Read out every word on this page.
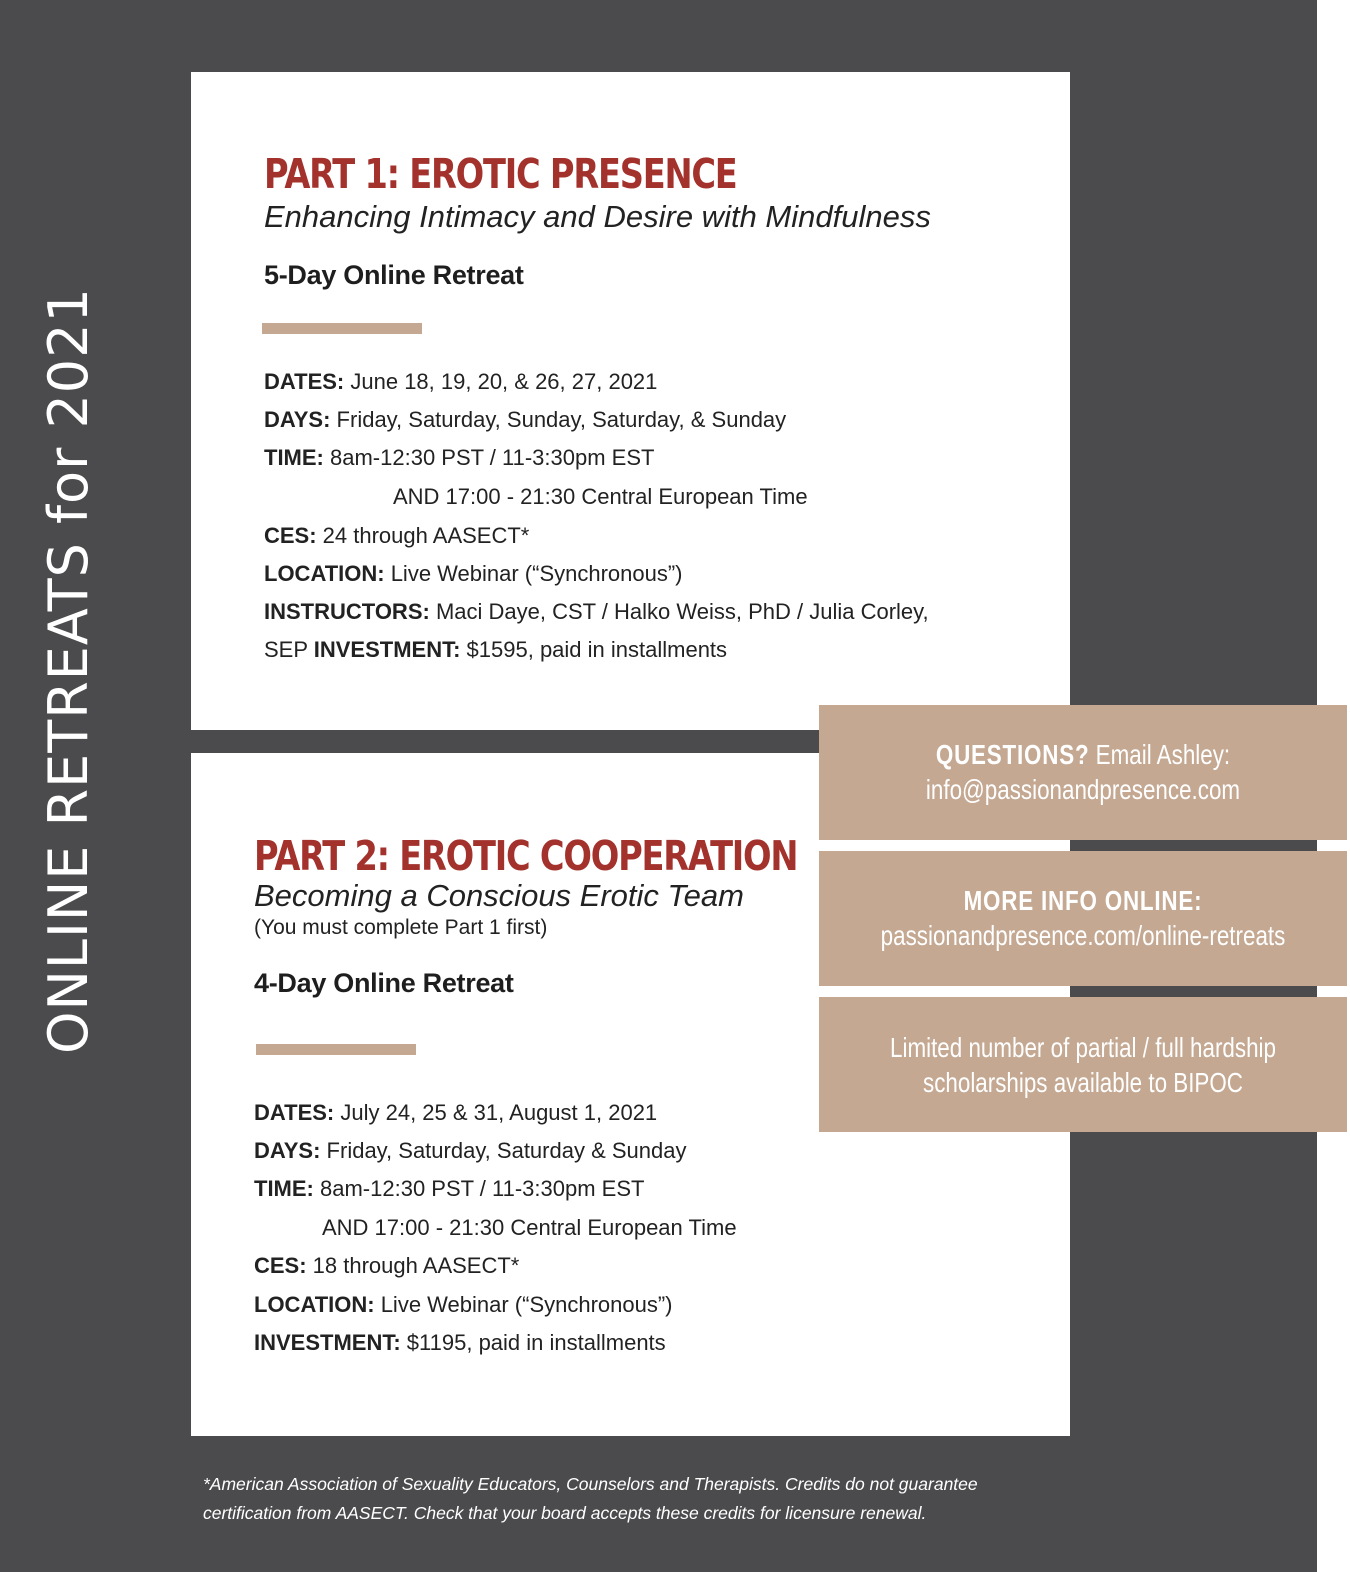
ONLINE RETREATS for 2021
PART 1: EROTIC PRESENCE
Enhancing Intimacy and Desire with Mindfulness
5-Day Online Retreat
DATES: June 18, 19, 20, & 26, 27, 2021
DAYS: Friday, Saturday, Sunday, Saturday, & Sunday
TIME: 8am-12:30 PST / 11-3:30pm EST
AND 17:00 - 21:30 Central European Time
CES: 24 through AASECT*
LOCATION: Live Webinar (“Synchronous”)
INSTRUCTORS: Maci Daye, CST / Halko Weiss, PhD / Julia Corley,
SEP INVESTMENT: $1595, paid in installments
PART 2: EROTIC COOPERATION
Becoming a Conscious Erotic Team
(You must complete Part 1 first)
4-Day Online Retreat
DATES: July 24, 25 & 31, August 1, 2021
DAYS: Friday, Saturday, Saturday & Sunday
TIME: 8am-12:30 PST / 11-3:30pm EST
AND 17:00 - 21:30 Central European Time
CES: 18 through AASECT*
LOCATION: Live Webinar (“Synchronous”)
INVESTMENT: $1195, paid in installments
QUESTIONS? Email Ashley:
info@passionandpresence.com
MORE INFO ONLINE:
passionandpresence.com/online-retreats
Limited number of partial / full hardship
scholarships available to BIPOC
*American Association of Sexuality Educators, Counselors and Therapists. Credits do not guarantee
certification from AASECT. Check that your board accepts these credits for licensure renewal.
